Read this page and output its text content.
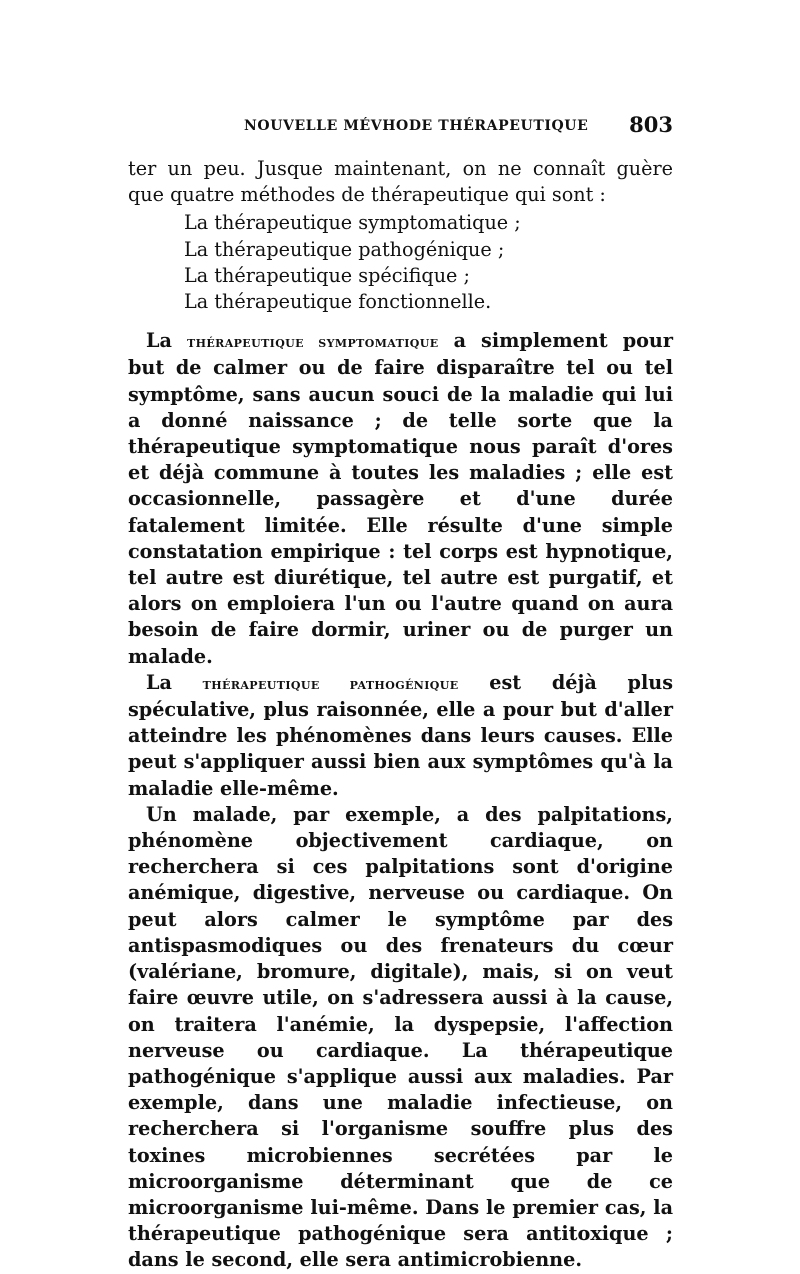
NOUVELLE MÉVHODE THÉRAPEUTIQUE 803

ter un peu. Jusque maintenant, on ne connaît guère que quatre méthodes de thérapeutique qui sont :

La thérapeutique symptomatique ;
La thérapeutique pathogénique ;
La thérapeutique spécifique ;
La thérapeutique fonctionnelle.

La thérapeutique symptomatique a simplement pour but de calmer ou de faire disparaître tel ou tel symptôme, sans aucun souci de la maladie qui lui a donné naissance ; de telle sorte que la thérapeutique symptomatique nous paraît d'ores et déjà commune à toutes les maladies ; elle est occasionnelle, passagère et d'une durée fatalement limitée. Elle résulte d'une simple constatation empirique : tel corps est hypnotique, tel autre est diurétique, tel autre est purgatif, et alors on emploiera l'un ou l'autre quand on aura besoin de faire dormir, uriner ou de purger un malade.

La thérapeutique pathogénique est déjà plus spéculative, plus raisonnée, elle a pour but d'aller atteindre les phénomènes dans leurs causes. Elle peut s'appliquer aussi bien aux symptômes qu'à la maladie elle-même.

Un malade, par exemple, a des palpitations, phénomène objectivement cardiaque, on recherchera si ces palpitations sont d'origine anémique, digestive, nerveuse ou cardiaque. On peut alors calmer le symptôme par des antispasmodiques ou des frenateurs du cœur (valériane, bromure, digitale), mais, si on veut faire œuvre utile, on s'adressera aussi à la cause, on traitera l'anémie, la dyspepsie, l'affection nerveuse ou cardiaque. La thérapeutique pathogénique s'applique aussi aux maladies. Par exemple, dans une maladie infectieuse, on recherchera si l'organisme souffre plus des toxines microbiennes secrétées par le microorganisme déterminant que de ce microorganisme lui-même. Dans le premier cas, la thérapeutique pathogénique sera antitoxique ; dans le second, elle sera antimicrobienne.
